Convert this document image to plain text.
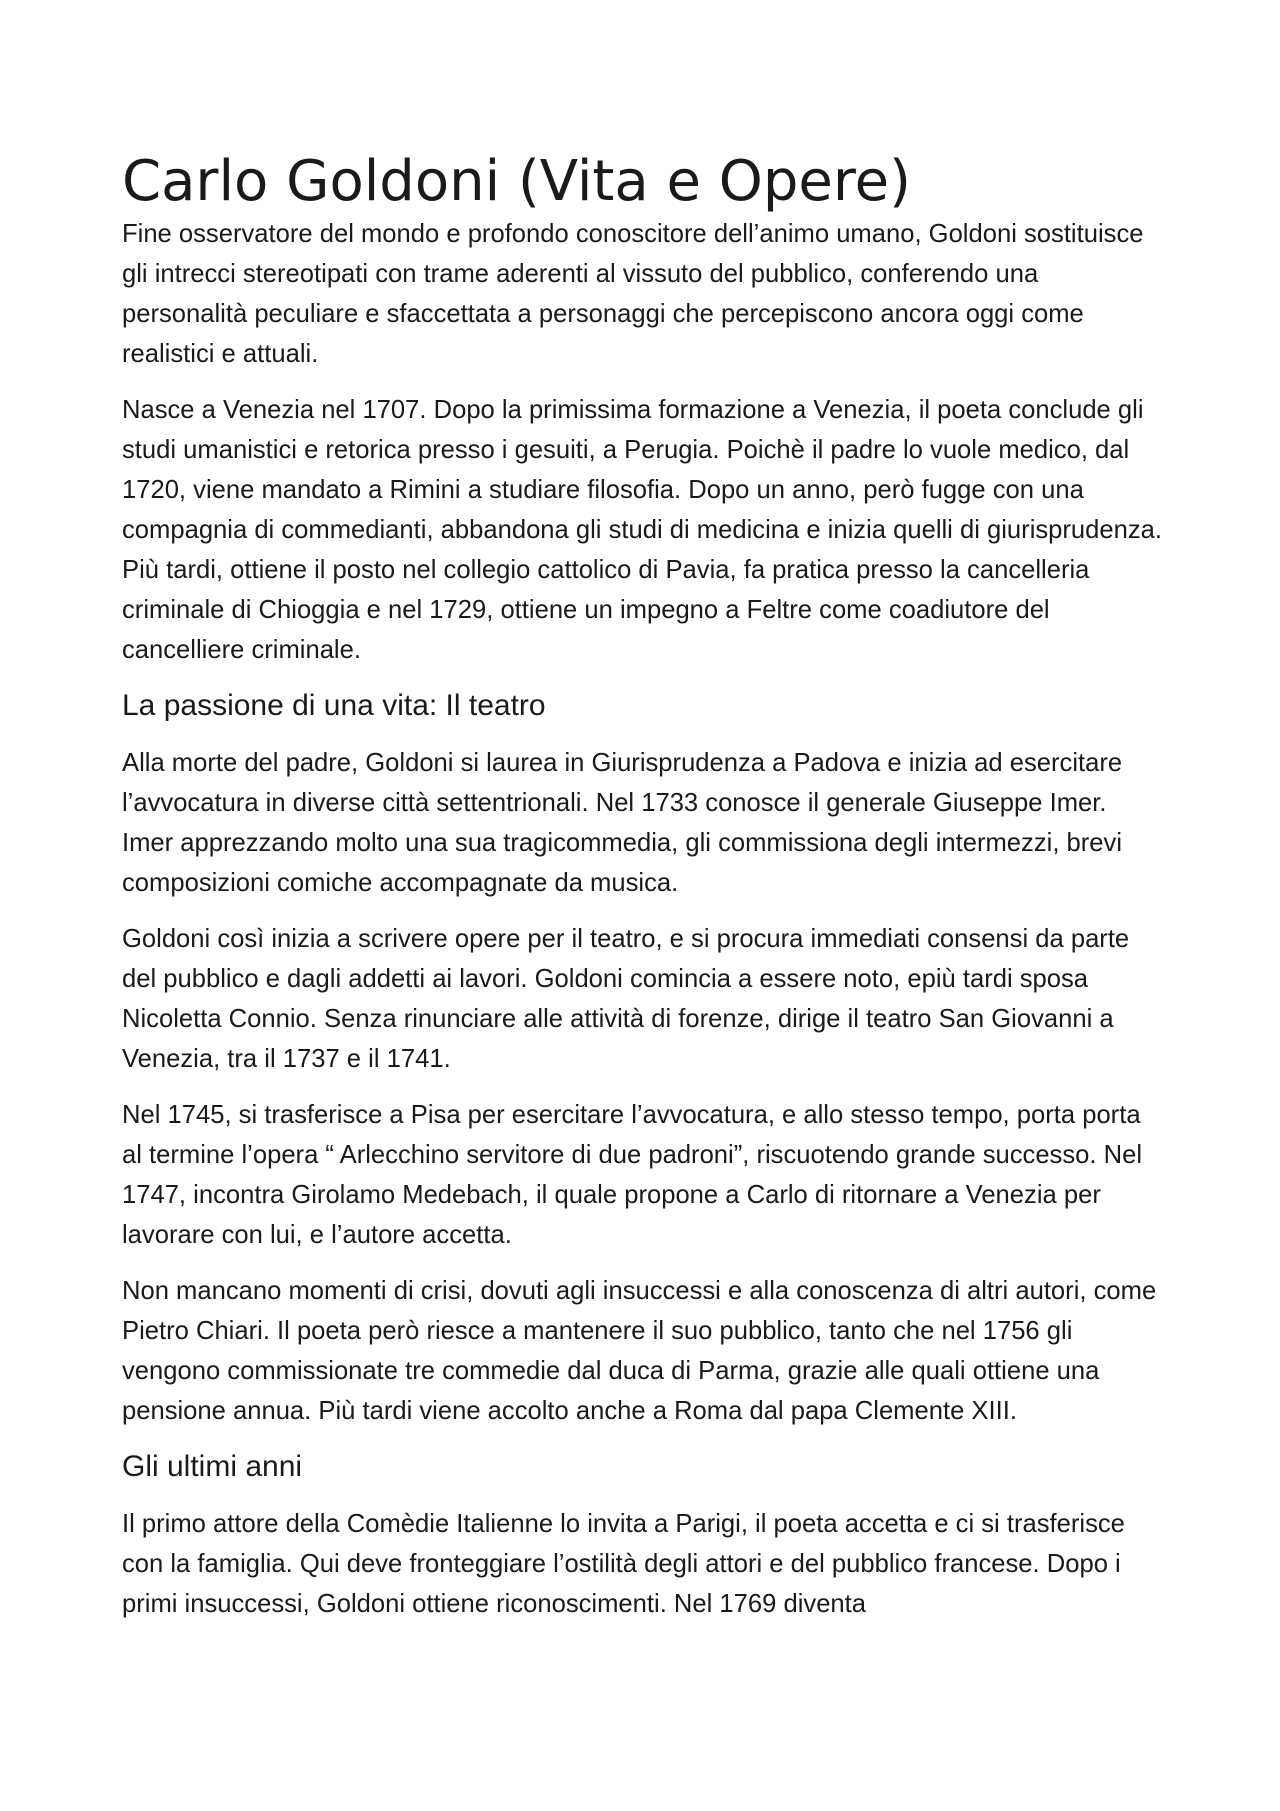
Carlo Goldoni (Vita e Opere)

Fine osservatore del mondo e profondo conoscitore dell’animo umano, Goldoni sostituisce gli intrecci stereotipati con trame aderenti al vissuto del pubblico, conferendo una personalità peculiare e sfaccettata a personaggi che percepiscono ancora oggi come realistici e attuali.

Nasce a Venezia nel 1707. Dopo la primissima formazione a Venezia, il poeta conclude gli studi umanistici e retorica presso i gesuiti, a Perugia. Poichè il padre lo vuole medico, dal 1720, viene mandato a Rimini a studiare filosofia. Dopo un anno, però fugge con una compagnia di commedianti, abbandona gli studi di medicina e inizia quelli di giurisprudenza. Più tardi, ottiene il posto nel collegio cattolico di Pavia, fa pratica presso la cancelleria criminale di Chioggia e nel 1729, ottiene un impegno a Feltre come coadiutore del cancelliere criminale.

La passione di una vita: Il teatro

Alla morte del padre, Goldoni si laurea in Giurisprudenza a Padova e inizia ad esercitare l’avvocatura in diverse città settentrionali. Nel 1733 conosce il generale Giuseppe Imer. Imer apprezzando molto una sua tragicommedia, gli commissiona degli intermezzi, brevi composizioni comiche accompagnate da musica.

Goldoni così inizia a scrivere opere per il teatro, e si procura immediati consensi da parte del pubblico e dagli addetti ai lavori. Goldoni comincia a essere noto, epiù tardi sposa Nicoletta Connio. Senza rinunciare alle attività di forenze, dirige il teatro San Giovanni a Venezia, tra il 1737 e il 1741.

Nel 1745, si trasferisce a Pisa per esercitare l’avvocatura, e allo stesso tempo, porta porta al termine l’opera “ Arlecchino servitore di due padroni”, riscuotendo grande successo. Nel 1747, incontra Girolamo Medebach, il quale propone a Carlo di ritornare a Venezia per lavorare con lui, e l’autore accetta.

Non mancano momenti di crisi, dovuti agli insuccessi e alla conoscenza di altri autori, come Pietro Chiari. Il poeta però riesce a mantenere il suo pubblico, tanto che nel 1756 gli vengono commissionate tre commedie dal duca di Parma, grazie alle quali ottiene una pensione annua. Più tardi viene accolto anche a Roma dal papa Clemente XIII.

Gli ultimi anni

Il primo attore della Comèdie Italienne lo invita a Parigi, il poeta accetta e ci si trasferisce con la famiglia. Qui deve fronteggiare l’ostilità degli attori e del pubblico francese. Dopo i primi insuccessi, Goldoni ottiene riconoscimenti. Nel 1769 diventa
